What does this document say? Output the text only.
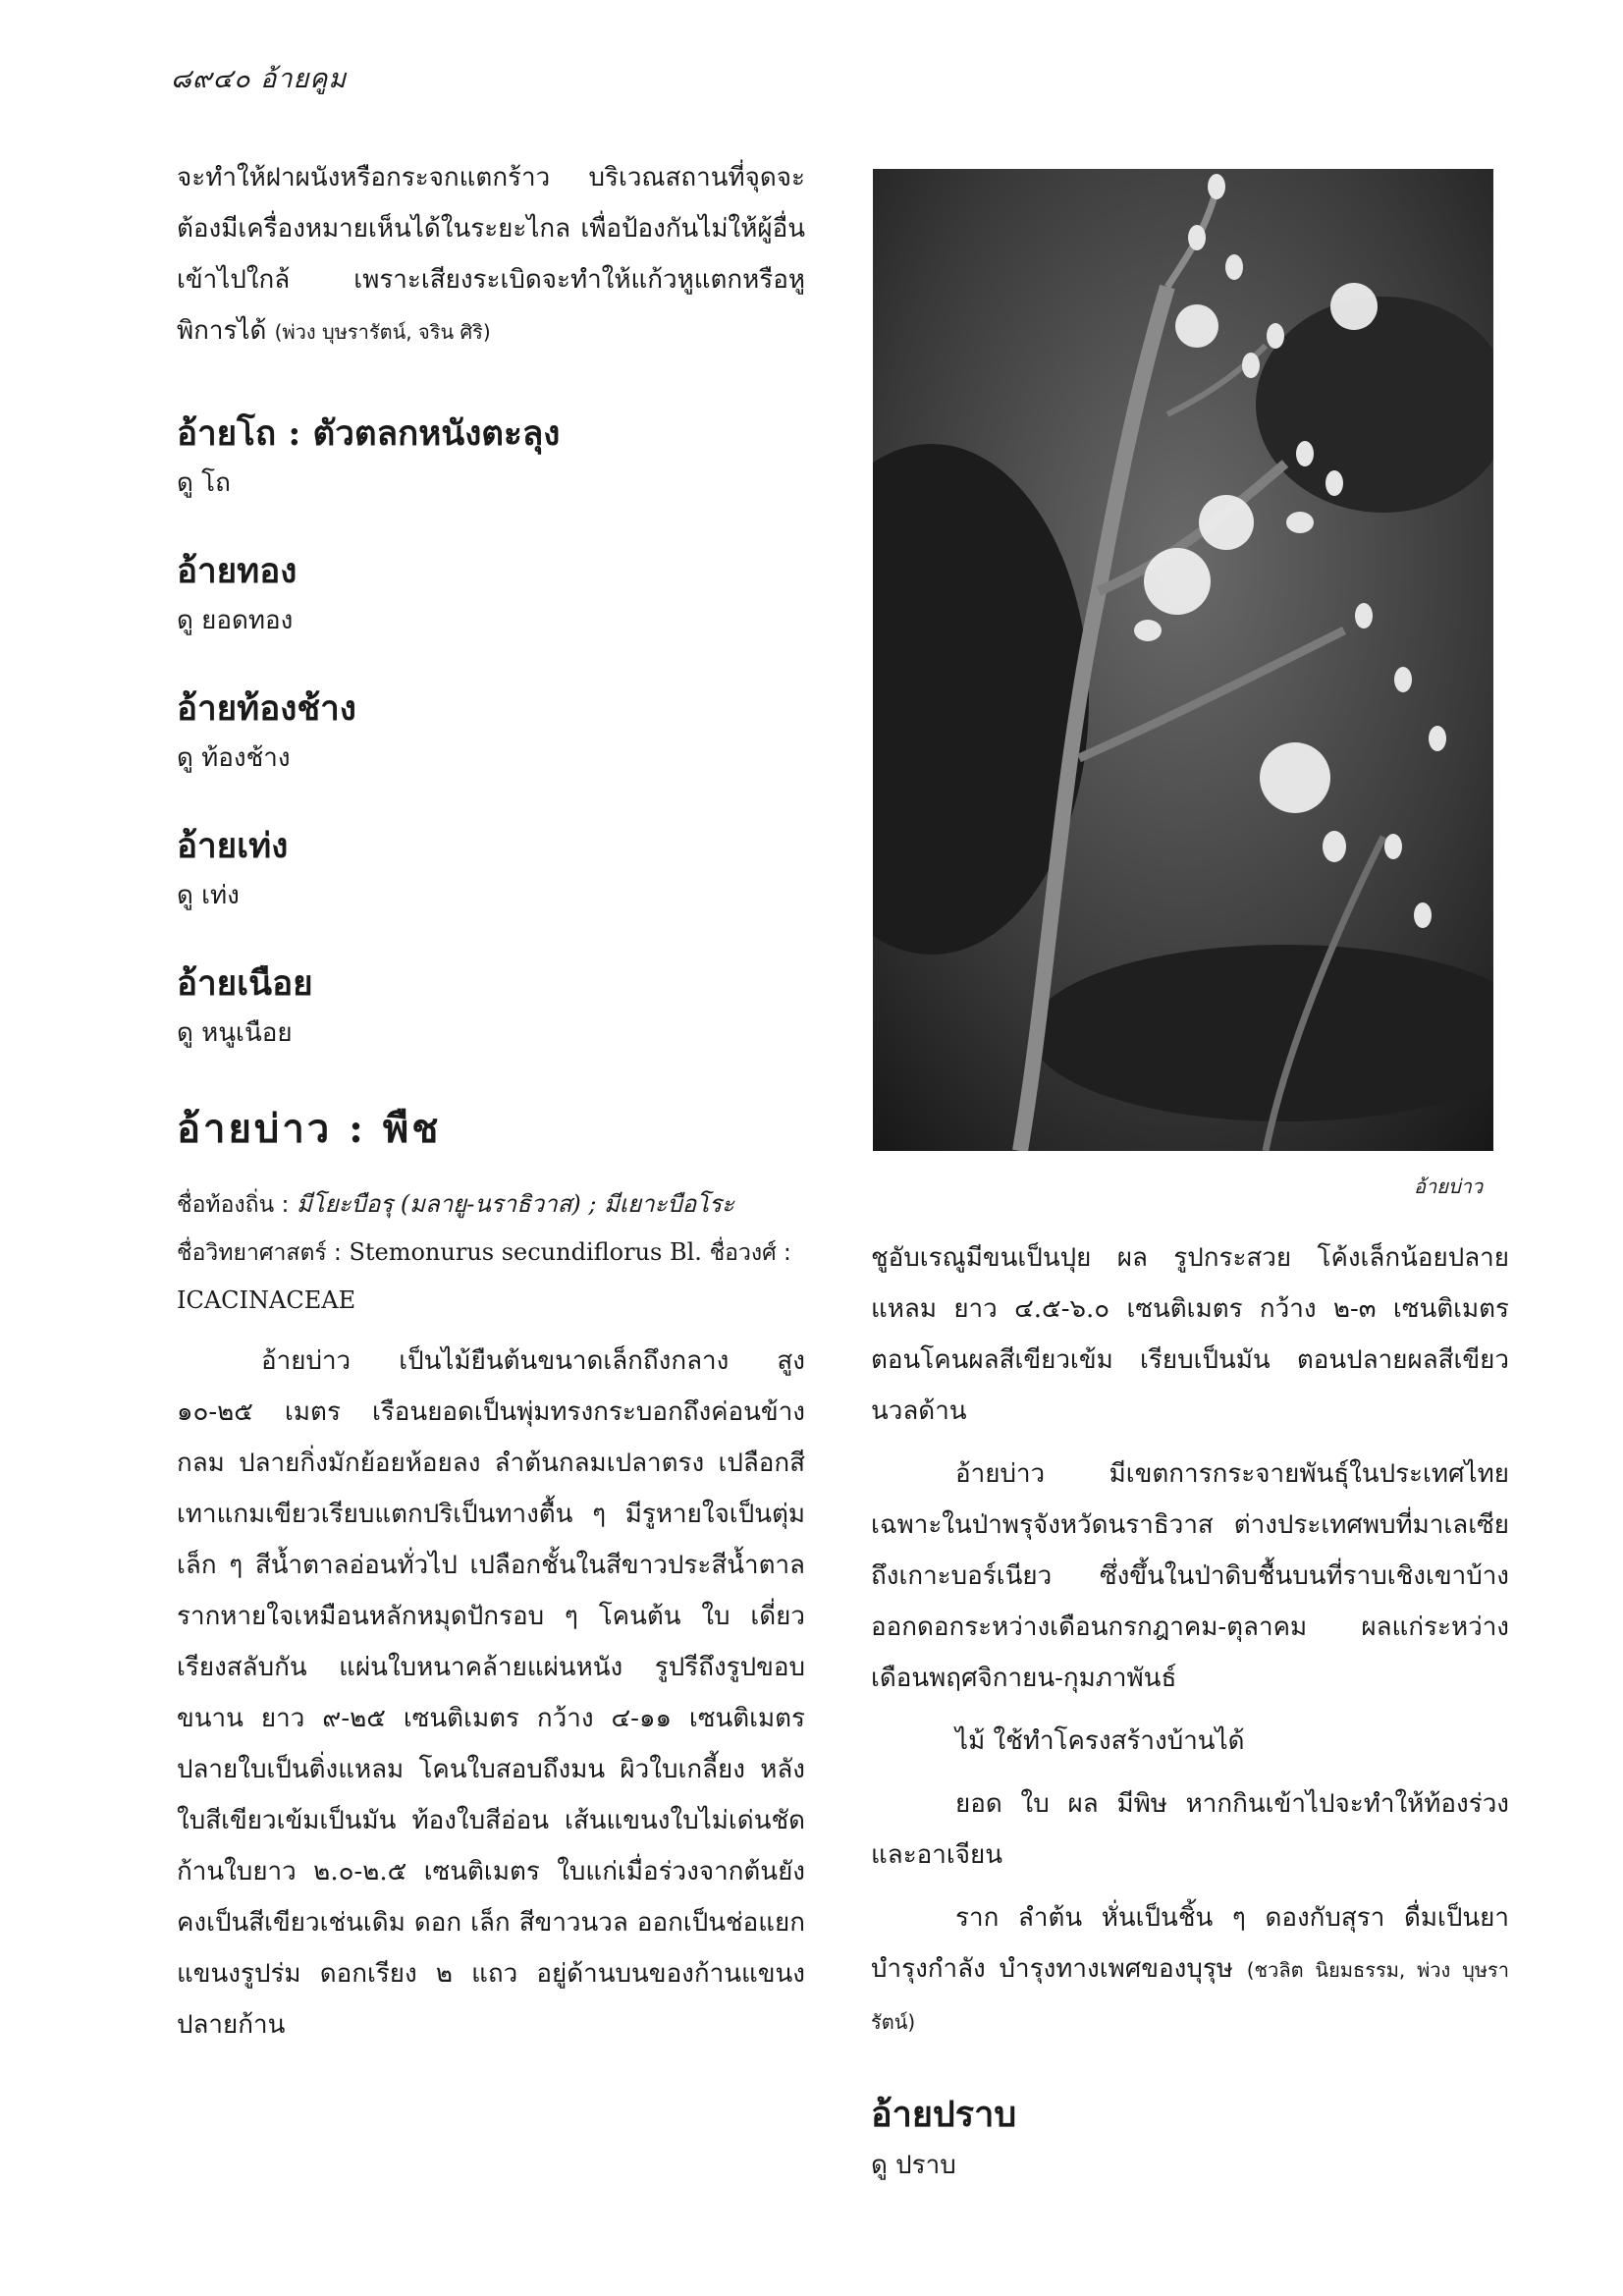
๘๙๔๐ อ้ายคูม

จะทำให้ฝาผนังหรือกระจกแตกร้าว บริเวณสถานที่จุดจะต้องมีเครื่องหมายเห็นได้ในระยะไกล เพื่อป้องกันไม่ให้ผู้อื่นเข้าไปใกล้ เพราะเสียงระเบิดจะทำให้แก้วหูแตกหรือหูพิการได้ (พ่วง บุษรารัตน์, จริน ศิริ)

อ้ายโถ : ตัวตลกหนังตะลุง

ดู โถ

อ้ายทอง

ดู ยอดทอง

อ้ายท้องช้าง

ดู ท้องช้าง

อ้ายเท่ง

ดู เท่ง

อ้ายเนือย

ดู หนูเนือย

อ้ายบ่าว : พืช

ชื่อท้องถิ่น : มีโยะบือรุ (มลายู-นราธิวาส) ; มีเยาะบือโระ

ชื่อวิทยาศาสตร์ : Stemonurus secundiflorus Bl. ชื่อวงศ์ :

ICACINACEAE

อ้ายบ่าว เป็นไม้ยืนต้นขนาดเล็กถึงกลาง สูง ๑๐-๒๕ เมตร เรือนยอดเป็นพุ่มทรงกระบอกถึงค่อนข้างกลม ปลายกิ่งมักย้อยห้อยลง ลำต้นกลมเปลาตรง เปลือกสีเทาแกมเขียวเรียบแตกปริเป็นทางตื้น ๆ มีรูหายใจเป็นตุ่มเล็ก ๆ สีน้ำตาลอ่อนทั่วไป เปลือกชั้นในสีขาวประสีน้ำตาล รากหายใจเหมือนหลักหมุดปักรอบ ๆ โคนต้น ใบ เดี่ยว เรียงสลับกัน แผ่นใบหนาคล้ายแผ่นหนัง รูปรีถึงรูปขอบขนาน ยาว ๙-๒๕ เซนติเมตร กว้าง ๔-๑๑ เซนติเมตร ปลายใบเป็นติ่งแหลม โคนใบสอบถึงมน ผิวใบเกลี้ยง หลังใบสีเขียวเข้มเป็นมัน ท้องใบสีอ่อน เส้นแขนงใบไม่เด่นชัด ก้านใบยาว ๒.๐-๒.๕ เซนติเมตร ใบแก่เมื่อร่วงจากต้นยังคงเป็นสีเขียวเช่นเดิม ดอก เล็ก สีขาวนวล ออกเป็นช่อแยกแขนงรูปร่ม ดอกเรียง ๒ แถว อยู่ด้านบนของก้านแขนง ปลายก้าน

อ้ายบ่าว

ชูอับเรณูมีขนเป็นปุย ผล รูปกระสวย โค้งเล็กน้อยปลายแหลม ยาว ๔.๕-๖.๐ เซนติเมตร กว้าง ๒-๓ เซนติเมตร ตอนโคนผลสีเขียวเข้ม เรียบเป็นมัน ตอนปลายผลสีเขียวนวลด้าน

อ้ายบ่าว มีเขตการกระจายพันธุ์ในประเทศไทย เฉพาะในป่าพรุจังหวัดนราธิวาส ต่างประเทศพบที่มาเลเซีย ถึงเกาะบอร์เนียว ซึ่งขึ้นในป่าดิบชื้นบนที่ราบเชิงเขาบ้าง ออกดอกระหว่างเดือนกรกฎาคม-ตุลาคม ผลแก่ระหว่างเดือนพฤศจิกายน-กุมภาพันธ์

ไม้ ใช้ทำโครงสร้างบ้านได้

ยอด ใบ ผล มีพิษ หากกินเข้าไปจะทำให้ท้องร่วงและอาเจียน

ราก ลำต้น หั่นเป็นชิ้น ๆ ดองกับสุรา ดื่มเป็นยาบำรุงกำลัง บำรุงทางเพศของบุรุษ (ชวลิต นิยมธรรม, พ่วง บุษรารัตน์)

อ้ายปราบ

ดู ปราบ
